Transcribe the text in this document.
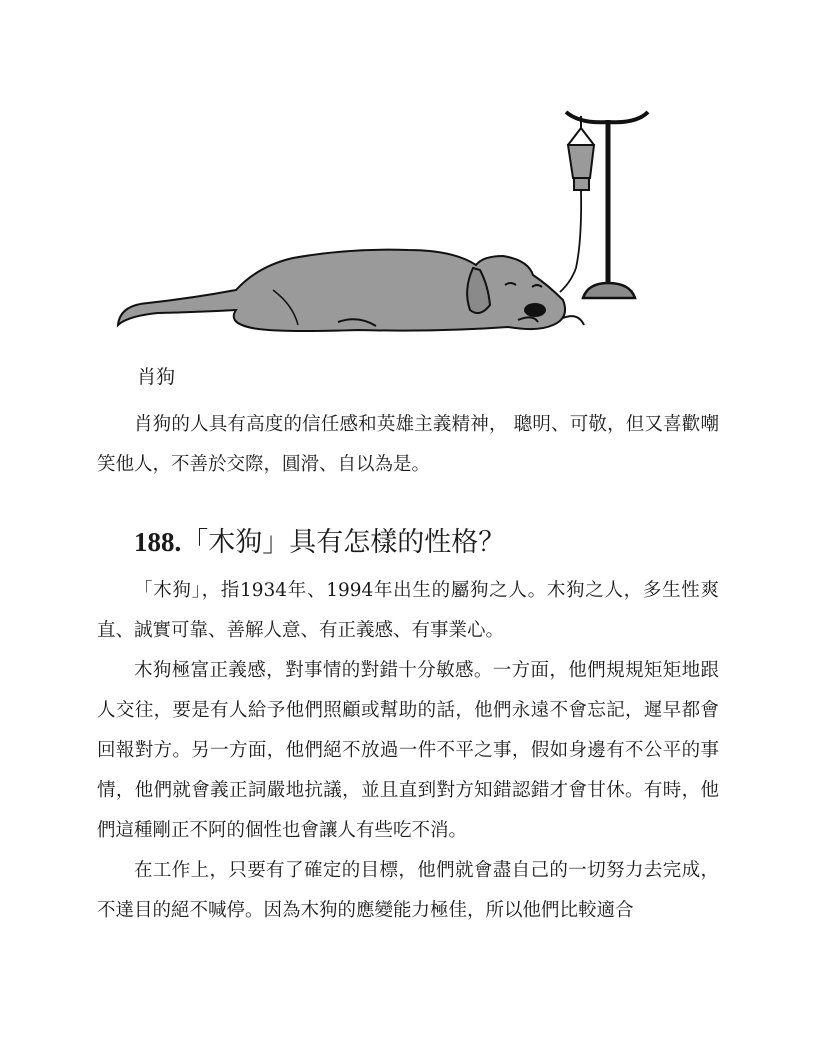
肖狗

肖狗的人具有高度的信任感和英雄主義精神， 聰明、可敬，但又喜歡嘲笑他人，不善於交際，圓滑、自以為是。

188.「木狗」具有怎樣的性格？

「木狗」，指1934年、1994年出生的屬狗之人。木狗之人，多生性爽直、誠實可靠、善解人意、有正義感、有事業心。

木狗極富正義感，對事情的對錯十分敏感。一方面，他們規規矩矩地跟人交往，要是有人給予他們照顧或幫助的話，他們永遠不會忘記，遲早都會回報對方。另一方面，他們絕不放過一件不平之事，假如身邊有不公平的事情，他們就會義正詞嚴地抗議，並且直到對方知錯認錯才會甘休。有時，他們這種剛正不阿的個性也會讓人有些吃不消。

在工作上，只要有了確定的目標，他們就會盡自己的一切努力去完成，不達目的絕不喊停。因為木狗的應變能力極佳，所以他們比較適合
